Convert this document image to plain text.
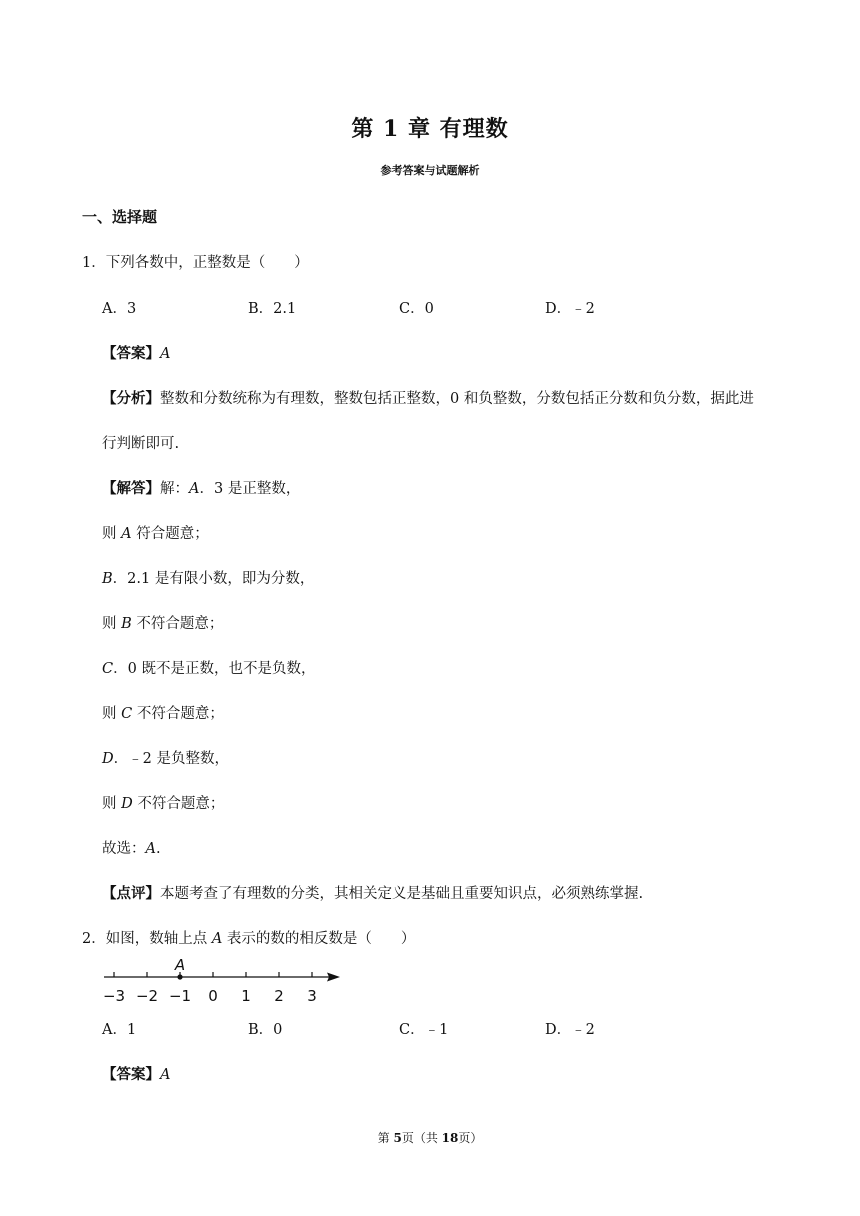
第 1 章 有理数
参考答案与试题解析
一、选择题
1．下列各数中，正整数是（　　）
A．3	B．2.1	C．0	D．﹣2
【答案】A
【分析】整数和分数统称为有理数，整数包括正整数，0 和负整数，分数包括正分数和负分数，据此进
行判断即可.
【解答】解：A．3 是正整数，
则 A 符合题意；
B．2.1 是有限小数，即为分数，
则 B 不符合题意；
C．0 既不是正数，也不是负数，
则 C 不符合题意；
D．﹣2 是负整数，
则 D 不符合题意；
故选：A.
【点评】本题考查了有理数的分类，其相关定义是基础且重要知识点，必须熟练掌握.
2．如图，数轴上点 A 表示的数的相反数是（　　）
−3 −2 −1 0 1 2 3
A
A．1	B．0	C．﹣1	D．﹣2
【答案】A
第 5页（共 18页）
